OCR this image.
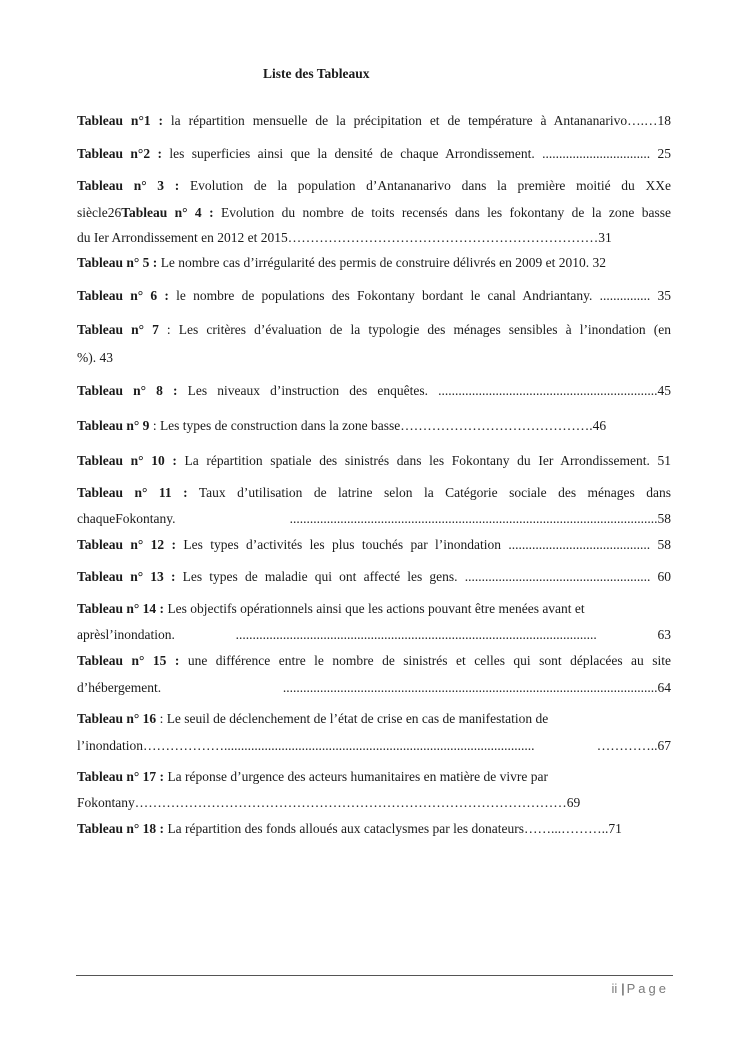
Liste des Tableaux
Tableau n°1 : la répartition mensuelle de la précipitation et de température à Antananarivo….…18
Tableau n°2 : les superficies ainsi que la densité de chaque Arrondissement. ................................ 25
Tableau n° 3 : Evolution de la population d’Antananarivo dans la première moitié du XXe
siècle26Tableau n° 4 : Evolution du nombre de toits recensés dans les fokontany de la zone basse
du Ier Arrondissement en 2012 et 2015……………………………………………………………31
Tableau n° 5 : Le nombre cas d’irrégularité des permis de construire délivrés en 2009 et 2010. 32
Tableau n° 6 : le nombre de populations des Fokontany bordant le canal Andriantany. ............... 35
Tableau n° 7 : Les critères d’évaluation de la typologie des ménages sensibles à l’inondation (en
%). 43
Tableau n° 8 : Les niveaux d’instruction des enquêtes. .................................................................45
Tableau n° 9 : Les types de construction dans la zone basse…………………………………….46
Tableau n° 10 : La répartition spatiale des sinistrés dans les Fokontany du Ier Arrondissement. 51
Tableau n° 11 : Taux d’utilisation de latrine selon la Catégorie sociale des ménages dans
chaqueFokontany. .............................................................................................................58
Tableau n° 12 : Les types d’activités les plus touchés par l’inondation .......................................... 58
Tableau n° 13 : Les types de maladie qui ont affecté les gens. ....................................................... 60
Tableau n° 14 : Les objectifs opérationnels ainsi que les actions pouvant être menées avant et
aprèsl’inondation. ........................................................................................................... 63
Tableau n° 15 : une différence entre le nombre de sinistrés et celles qui sont déplacées au site
d’hébergement. ...............................................................................................................64
Tableau n° 16 : Le seuil de déclenchement de l’état de crise en cas de manifestation de
l’inondation………………............................................................................................ …………..67
Tableau n° 17 : La réponse d’urgence des acteurs humanitaires en matière de vivre par
Fokontany……………………………………………………………………………………69
Tableau n° 18 : La répartition des fonds alloués aux cataclysmes par les donateurs……...………..71
ii | Page
